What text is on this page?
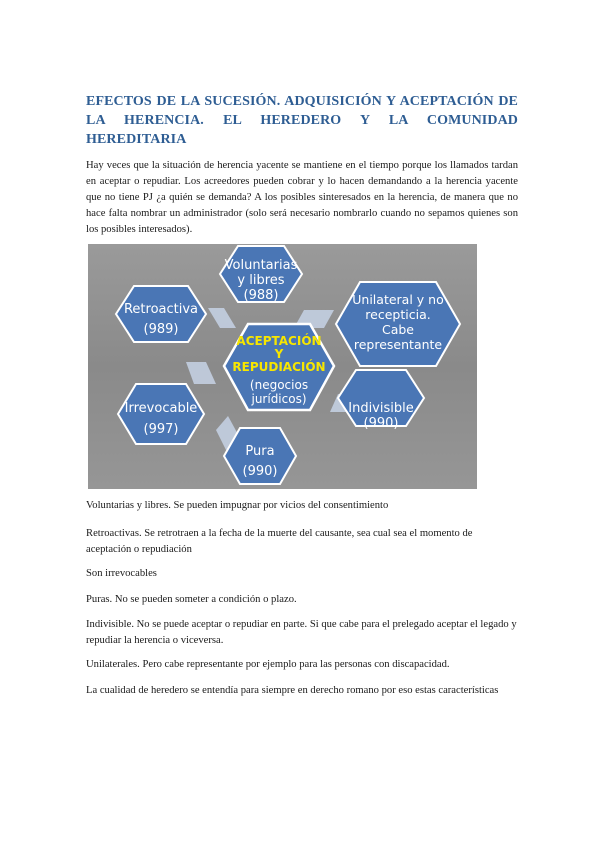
EFECTOS DE LA SUCESIÓN. ADQUISICIÓN Y ACEPTACIÓN DE LA HERENCIA. EL HEREDERO Y LA COMUNIDAD HEREDITARIA
Hay veces que la situación de herencia yacente se mantiene en el tiempo porque los llamados tardan en aceptar o repudiar. Los acreedores pueden cobrar y lo hacen demandando a la herencia yacente que no tiene PJ ¿a quién se demanda? A los posibles sinteresados en la herencia, de manera que no hace falta nombrar un administrador (solo será necesario nombrarlo cuando no sepamos quienes son los posibles interesados).
Voluntarias
y libres
(988)
Retroactiva
(989)
Unilateral y no
recepticia.
Cabe
representante
Irrevocable
(997)
Indivisible
(990)
Pura
(990)
ACEPTACIÓN
Y
REPUDIACIÓN
(negocios
jurídicos)

Voluntarias y libres. Se pueden impugnar por vicios del consentimiento

Retroactivas. Se retrotraen a la fecha de la muerte del causante, sea cual sea el momento de aceptación o repudiación

Son irrevocables

Puras. No se pueden someter a condición o plazo.

Indivisible. No se puede aceptar o repudiar en parte. Si que cabe para el prelegado aceptar el legado y repudiar la herencia o viceversa.

Unilaterales. Pero cabe representante por ejemplo para las personas con discapacidad.

La cualidad de heredero se entendía para siempre en derecho romano por eso estas características
